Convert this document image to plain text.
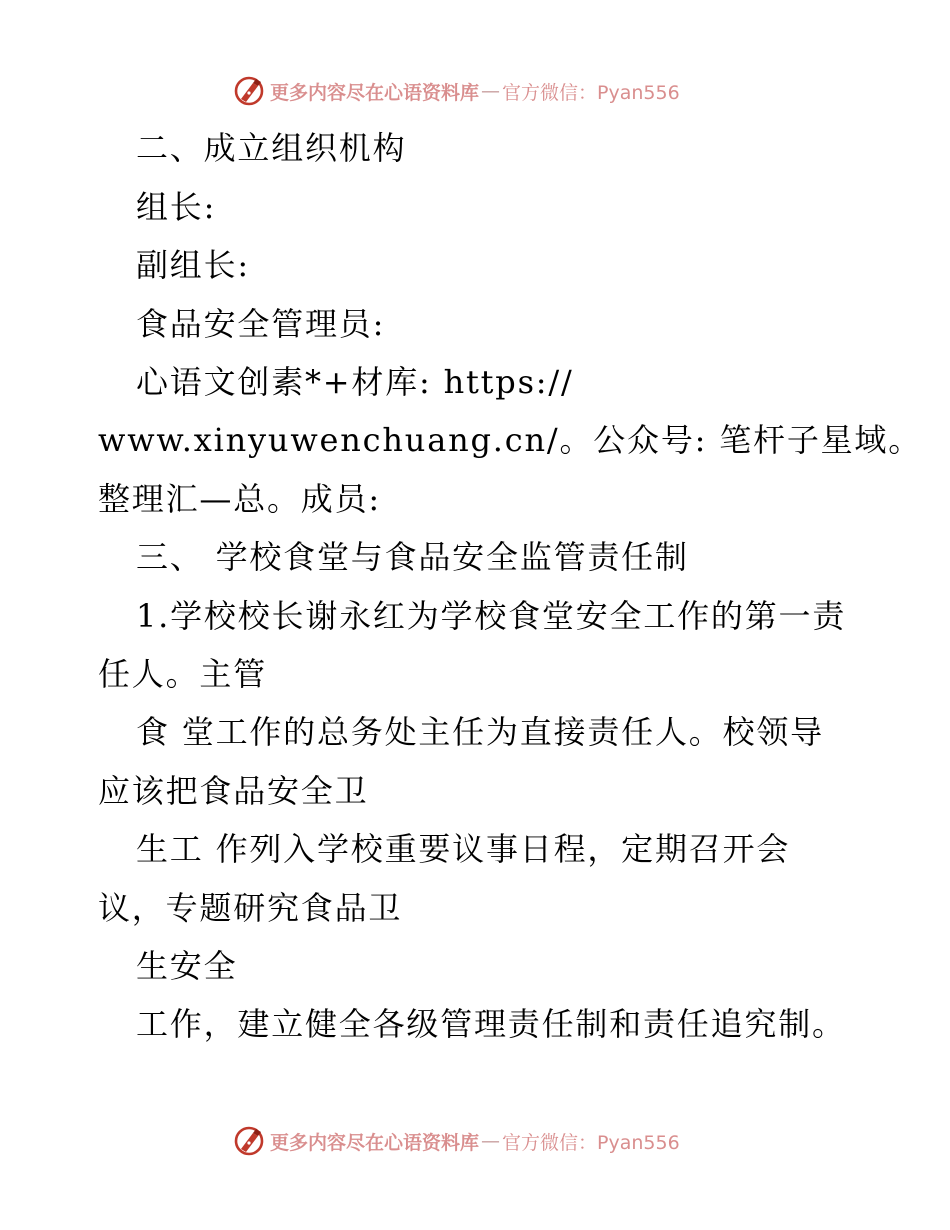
更多内容尽在心语资料库 — 官方微信：Pyan556
二、成立组织机构
组长:
副组长:
食品安全管理员:
心语文创素*+材库: https://
www.xinyuwenchuang.cn/。公众号: 笔杆子星域。
整理汇—总。成员:
三、 学校食堂与食品安全监管责任制
1.学校校长谢永红为学校食堂安全工作的第一责
任人。主管
食 堂工作的总务处主任为直接责任人。校领导
应该把食品安全卫
生工 作列入学校重要议事日程，定期召开会
议，专题研究食品卫
生安全
工作，建立健全各级管理责任制和责任追究制。
更多内容尽在心语资料库 — 官方微信：Pyan556
